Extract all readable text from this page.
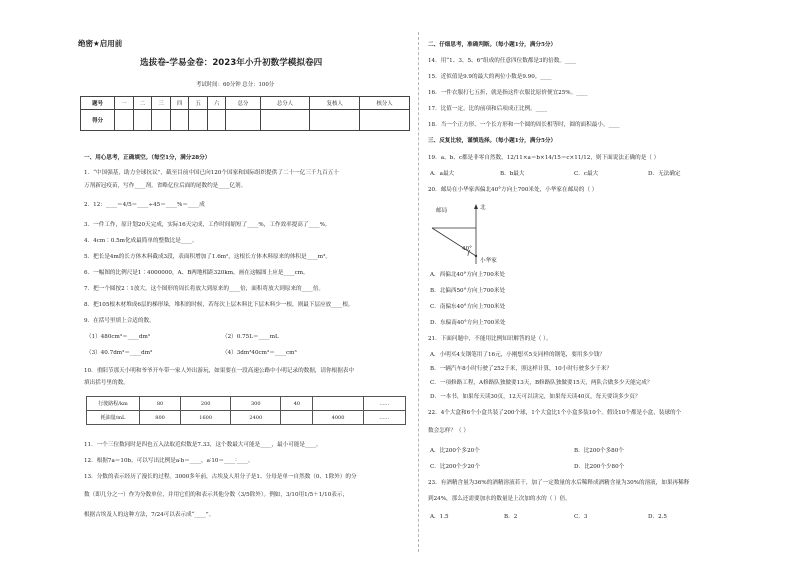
绝密★启用前
选拔卷-学易金卷：2023年小升初数学模拟卷四
考试时间：60分钟 总分：100分
题号	一	二	三	四	五	六	总分	总分人	复核人	核分人
得分										
一、用心思考，正确填空。（每空1分，满分28分）
1．“中国强基，助力全球抗议”，截至目前中国已向120个国家和国际组织提供了二十一亿三千九百五十
万剂新冠疫苗，写作____剂，省略亿位后面的尾数约是____亿剂。
2．12：____＝4/5＝____÷45＝____%＝____成
3．一件工作，原计划20天完成，实际16天完成，工作时间缩短了____%，工作效率提高了____%。
4．4cm∶0.5m化成最简单的整数比是____。
5．把长是4m的长方体木料截成3段，表面积增加了1.6m²，这根长方体木料原来的体积是____m³。
6．一幅图的比例尺是1∶4000000，A、B两地相距320km，画在这幅图上应是____cm。
7．把一个圆按2∶1放大，这个图形的周长将放大到原来的____倍，面积将放大到原来的____倍。
8．把105根木材堆成6层的梯形垛，堆积的时候，若每次上层木料比下层木料少一根，则最下层应放____根。
9．在括号里填上合适的数。
（1）480cm³＝____dm³	（2）0.75L＝____mL
（3）40.7dm³＝____dm³	（4）3dm³40cm³＝____cm³
10．重阳节那天小明和爷爷开车带一家人外出游玩，如果要在一段高速公路中小明记录的数据，请你根据表中
填出括号里的数。
行驶路程/km	80	200	300	40		……
耗油量/mL	800	1600	2400		4000	……
11．一个三位数同时是四也五入法取近似数是7.33，这个数最大可能是____，最小可能是____。
12．根据7a＝10b，可以写出比例是a∶b＝____，a∶10＝____∶____。
13．分数的表示经历了漫长的过程。3000多年前，古埃及人用分子是1、分母是单一自然数（0、1除外）的分
数（即几分之一）作为分数单位，并用它们的和表示其他分数（3/5除外）。例如，3/10用1/5＋1/10表示，
根据古埃及人的这种方法，7/24可以表示成“____”。
二、仔细思考，准确判断。（每小题1分，满分5分）
14．用“1、3、5、6”组成的任意四位数都是3的倍数。____
15．近似值是9.9的最大的两位小数是9.90。____
16．一件衣服打七五折，就是指这件衣服比原价便宜25%。____
17．比值一定，比的前项和后项成正比例。____
18．当一个正方形、一个长方形和一个圆的周长相等时，圆的面积最小。____
三、反复比较，谨慎选择。（每小题1分，满分5分）
19．a、b、c都是非零自然数，12/11×a＝b×14/15＝c×11/12，则下面说法正确的是（ ）
A．a最大	B．b最大	C．c最大	D．无法确定
20．邮局在小华家西偏北40°方向上700米处，小华家在邮局的（ ）
邮局	北
40°
小华家
A．西偏北40°方向上700米处
B．北偏西50°方向上700米处
C．南偏东40°方向上700米处
D．东偏南40°方向上700米处
21．下面问题中，不能用比例知识解答的是（ ）。
A．小明买4支钢笔用了16元，小刚想买5支同样的钢笔，要用多少钱？
B．一辆汽车8小时行驶了252千米，照这样计算，10小时行驶多少千米？
C．一项修路工程，A修路队独做要13天，B修路队独做要15天，两队合做多少天能完成？
D．一本书，如果每天读30页，12天可以读完，如果每天读40页，每天要读多少页？
22．4个大盒和6个小盒共装了200个球，1个大盒比1个小盒多装10个。假设10个都是小盒，装球的个
数会怎样？（ ）
A．比200个多20个	B．比200个多80个
C．比200个少20个	D．比200个少80个
23．有酒精含量为36%的酒精溶液若干，加了一定数量的水后稀释成酒精含量为30%的溶液，如果再稀释
到24%，那么还需要加水的数量是上次加的水的（ ）倍。
A．1.5	B．2	C．3	D．2.5
